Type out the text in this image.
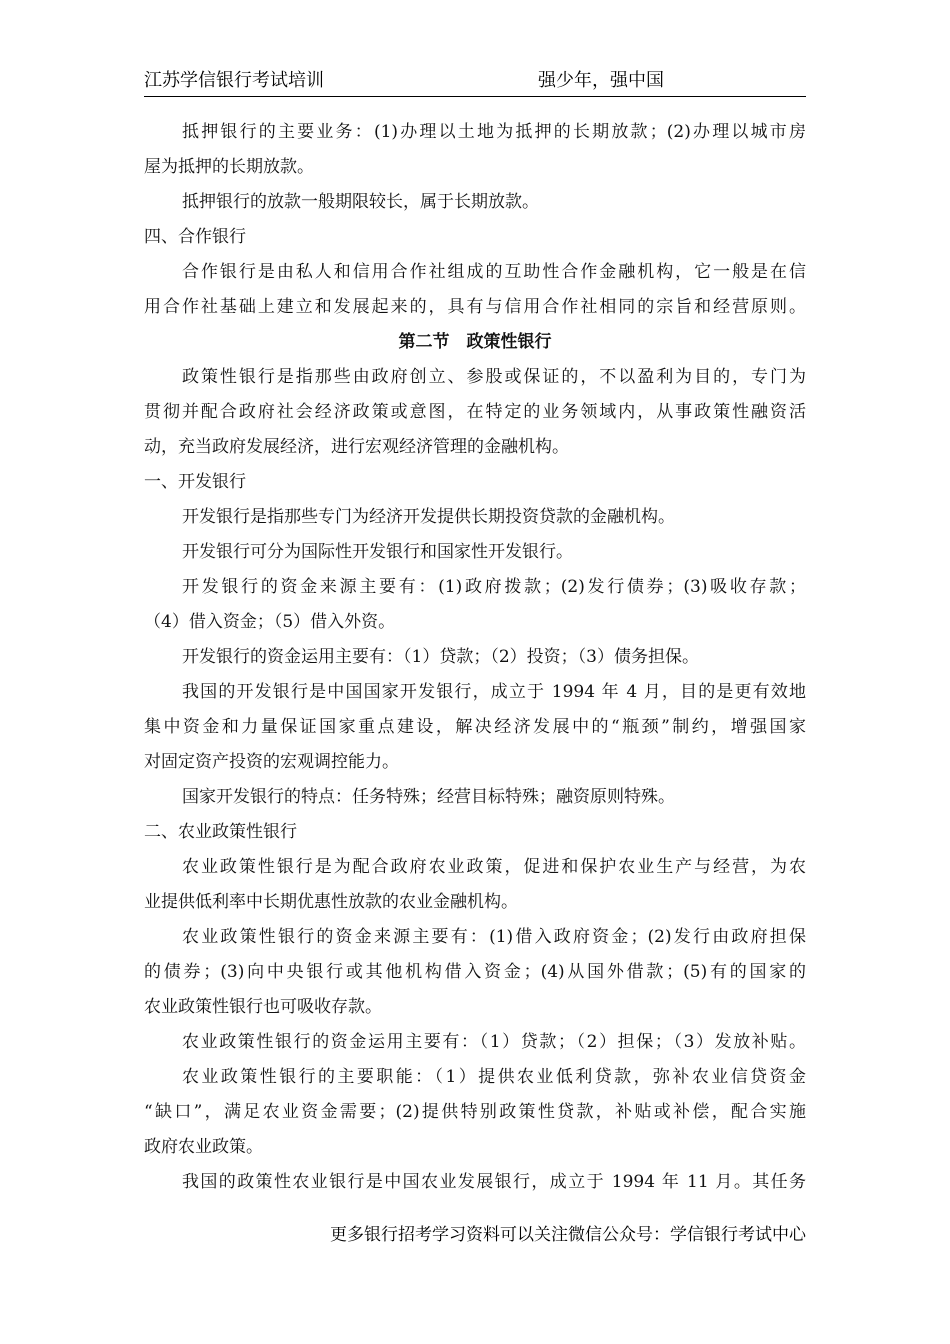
江苏学信银行考试培训	强少年，强中国
抵押银行的主要业务：(1)办理以土地为抵押的长期放款；(2)办理以城市房
屋为抵押的长期放款。
抵押银行的放款一般期限较长，属于长期放款。
四、合作银行
合作银行是由私人和信用合作社组成的互助性合作金融机构，它一般是在信
用合作社基础上建立和发展起来的，具有与信用合作社相同的宗旨和经营原则。
第二节　政策性银行
政策性银行是指那些由政府创立、参股或保证的，不以盈利为目的，专门为
贯彻并配合政府社会经济政策或意图，在特定的业务领域内，从事政策性融资活
动，充当政府发展经济，进行宏观经济管理的金融机构。
一、开发银行
开发银行是指那些专门为经济开发提供长期投资贷款的金融机构。
开发银行可分为国际性开发银行和国家性开发银行。
开发银行的资金来源主要有：(1)政府拨款；(2)发行债券；(3)吸收存款；
（4）借入资金；（5）借入外资。
开发银行的资金运用主要有：（1）贷款；（2）投资；（3）债务担保。
我国的开发银行是中国国家开发银行，成立于 1994 年 4 月，目的是更有效地
集中资金和力量保证国家重点建设，解决经济发展中的“瓶颈”制约，增强国家
对固定资产投资的宏观调控能力。
国家开发银行的特点：任务特殊；经营目标特殊；融资原则特殊。
二、农业政策性银行
农业政策性银行是为配合政府农业政策，促进和保护农业生产与经营，为农
业提供低利率中长期优惠性放款的农业金融机构。
农业政策性银行的资金来源主要有：(1)借入政府资金；(2)发行由政府担保
的债券；(3)向中央银行或其他机构借入资金；(4)从国外借款；(5)有的国家的
农业政策性银行也可吸收存款。
农业政策性银行的资金运用主要有：（1）贷款；（2）担保；（3）发放补贴。
农业政策性银行的主要职能：（1）提供农业低利贷款，弥补农业信贷资金
“缺口”，满足农业资金需要；(2)提供特别政策性贷款，补贴或补偿，配合实施
政府农业政策。
我国的政策性农业银行是中国农业发展银行，成立于 1994 年 11 月。其任务
更多银行招考学习资料可以关注微信公众号：学信银行考试中心
